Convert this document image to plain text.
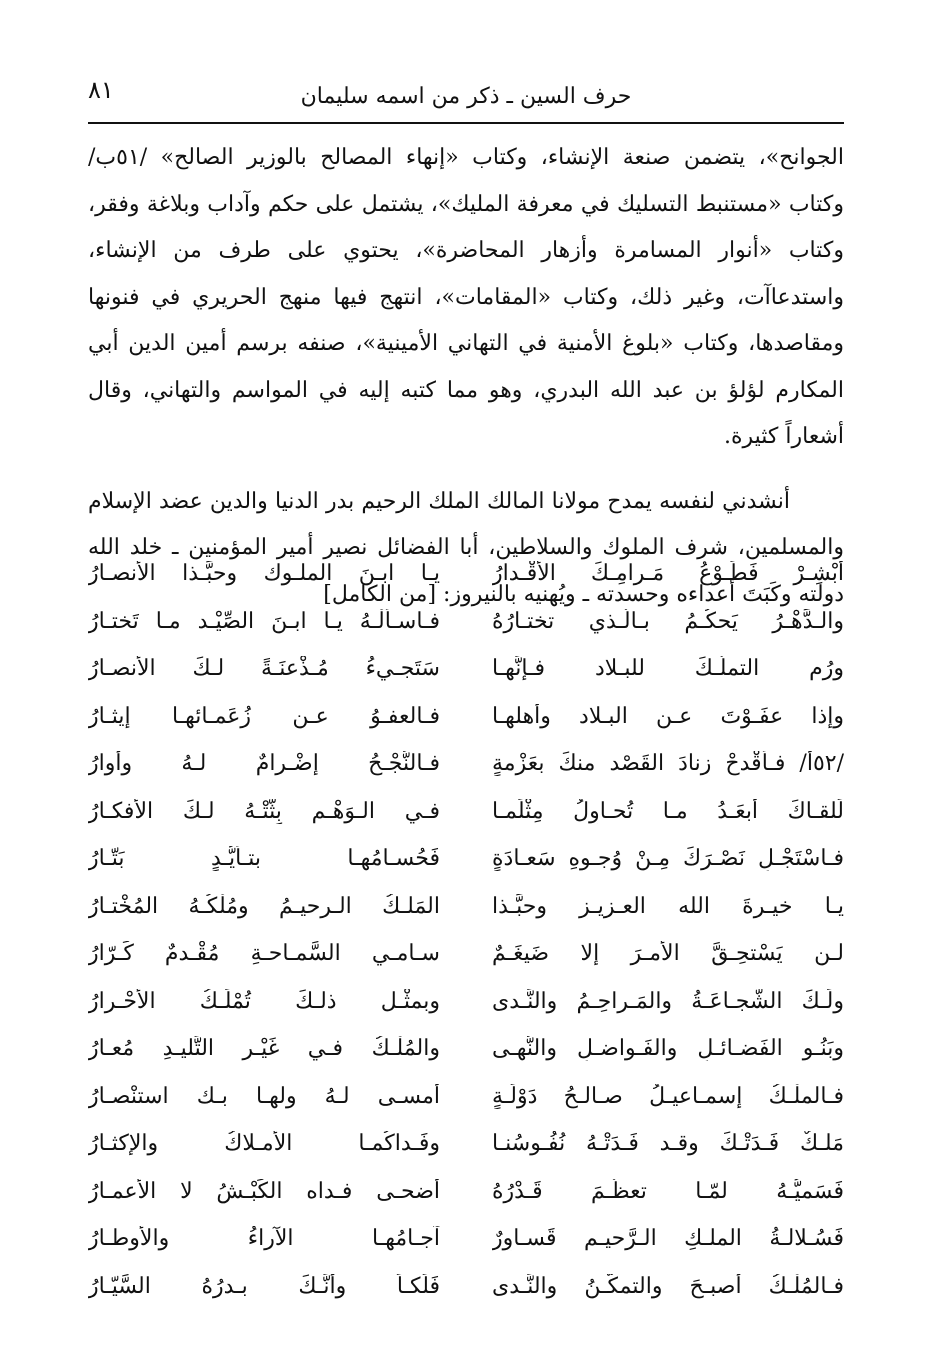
٨١	حرف السين ـ ذكر من اسمه سليمان

الجوانح»، يتضمن صنعة الإنشاء، وكتاب «إنهاء المصالح بالوزير الصالح» /٥١ب/ وكتاب «مستنبط التسليك في معرفة المليك»، يشتمل على حكم وآداب وبلاغة وفقر، وكتاب «أنوار المسامرة وأزهار المحاضرة»، يحتوي على طرف من الإنشاء، واستدعاآت، وغير ذلك، وكتاب «المقامات»، انتهج فيها منهج الحريري في فنونها ومقاصدها، وكتاب «بلوغ الأمنية في التهاني الأمينية»، صنفه برسم أمين الدين أبي المكارم لؤلؤ بن عبد الله البدري، وهو مما كتبه إليه في المواسم والتهاني، وقال أشعاراً كثيرة.

أنشدني لنفسه يمدح مولانا المالك الملك الرحيم بدر الدنيا والدين عضد الإسلام والمسلمين، شرف الملوك والسلاطين، أبا الفضائل نصير أمير المؤمنين ـ خلد الله دولته وكَبَتَ أعداءه وحسدته ـ ويُهنيه بالنيروز: [من الكامل]

أبْشِـرْ فَطَـوْعُ مَـرامِـكَ الأقْـدارُ
يـا ابـنَ الملـوك وحبَّـذا الأنصـارُ
والـدَّهْـرُ يَحكُـمُ بـالّـذي تختـارُهُ
فـاسـألْـهُ يـا ابـنَ الصِّيْـد مـا تَختـارُ
ورُم التملُّـكَ للبـلاد فـإنَّهـا
سَتَجـيءُ مُـذْعنَـةً لـكَ الأنصـارُ
وإذا عفَـوْتَ عـن البـلاد وأهلهـا
فـالعفـوُ عـن زُعَمـائهـا إيثـارُ
/٥٢أ/ فـأقْدحْ زِنادَ القَصْد منكَ بعَزْمةٍ
فـالنُّجْـحُ إضْـرامٌ لـهُ وأوارُ
لَلقـاكَ أبعَـدُ مـا تُحـاوِلُ مِثْلَمـا
فـي الـوَهْـمِ بِثَّتْـهُ لـكَ الأفكـارُ
فـاسْتَجْـلِ نَصْـرَكَ مِـنْ وُجـوهِ سَعـادَةٍ
فَحُسـامُهـا بتـأيُّـدٍ بَتّـارُ
يـا خيـرةَ الله العـزيـزِ وحبَّـذا
المَلـكُ الـرحيـمُ ومُلْكُـهُ المُخْتـارُ
لـن يَسْتحِـقَّ الأمـرَ إلا ضَيغَـمٌ
سـامـي السَّمـاحـةِ مُقْـدمٌ كَـرّارُ
ولَـكَ الشَّجـاعَـةُ والمَـراحِـمُ والنَّـدى
وبمثْـل ذلـكَ تُمْلَـكُ الأحْـرارُ
وبَنُـو الفَضـائـلِ والفَـواضـلِ والنُّهـى
والمُلْـكُ فـي غَيْـرِ التَّليـدِ مُعـارُ
فـالملْـكُ إسمـاعيـلُ صـالـحُ دَوْلَـةٍ
أمسـى لـهُ ولهـا بـك استنْصـارُ
مَلـكٌ فَـدَتْـكَ وقـد فَـدَتْـهُ نُفُـوسُنـا
وفَـداكُمـا الأمـلاكُ والإكثـارُ
فَسَميُّـهُ لمّـا تعظَّـمَ قَـدْرُهُ
أضحـى فـداه الكَبْـشُ لا الأعمـارُ
فَسُـلالـةُ الملـكِ الـرَّحيـمِ قَسـاوِرٌ
آجـامُهـا الآراءُ والأوطـارُ
فـالمُلْـكُ أصبـحَ والتمكُّـنُ والنَّـدى
فَلَكـاً وأنَّـكَ بـدرُهُ السَّيّـارُ
